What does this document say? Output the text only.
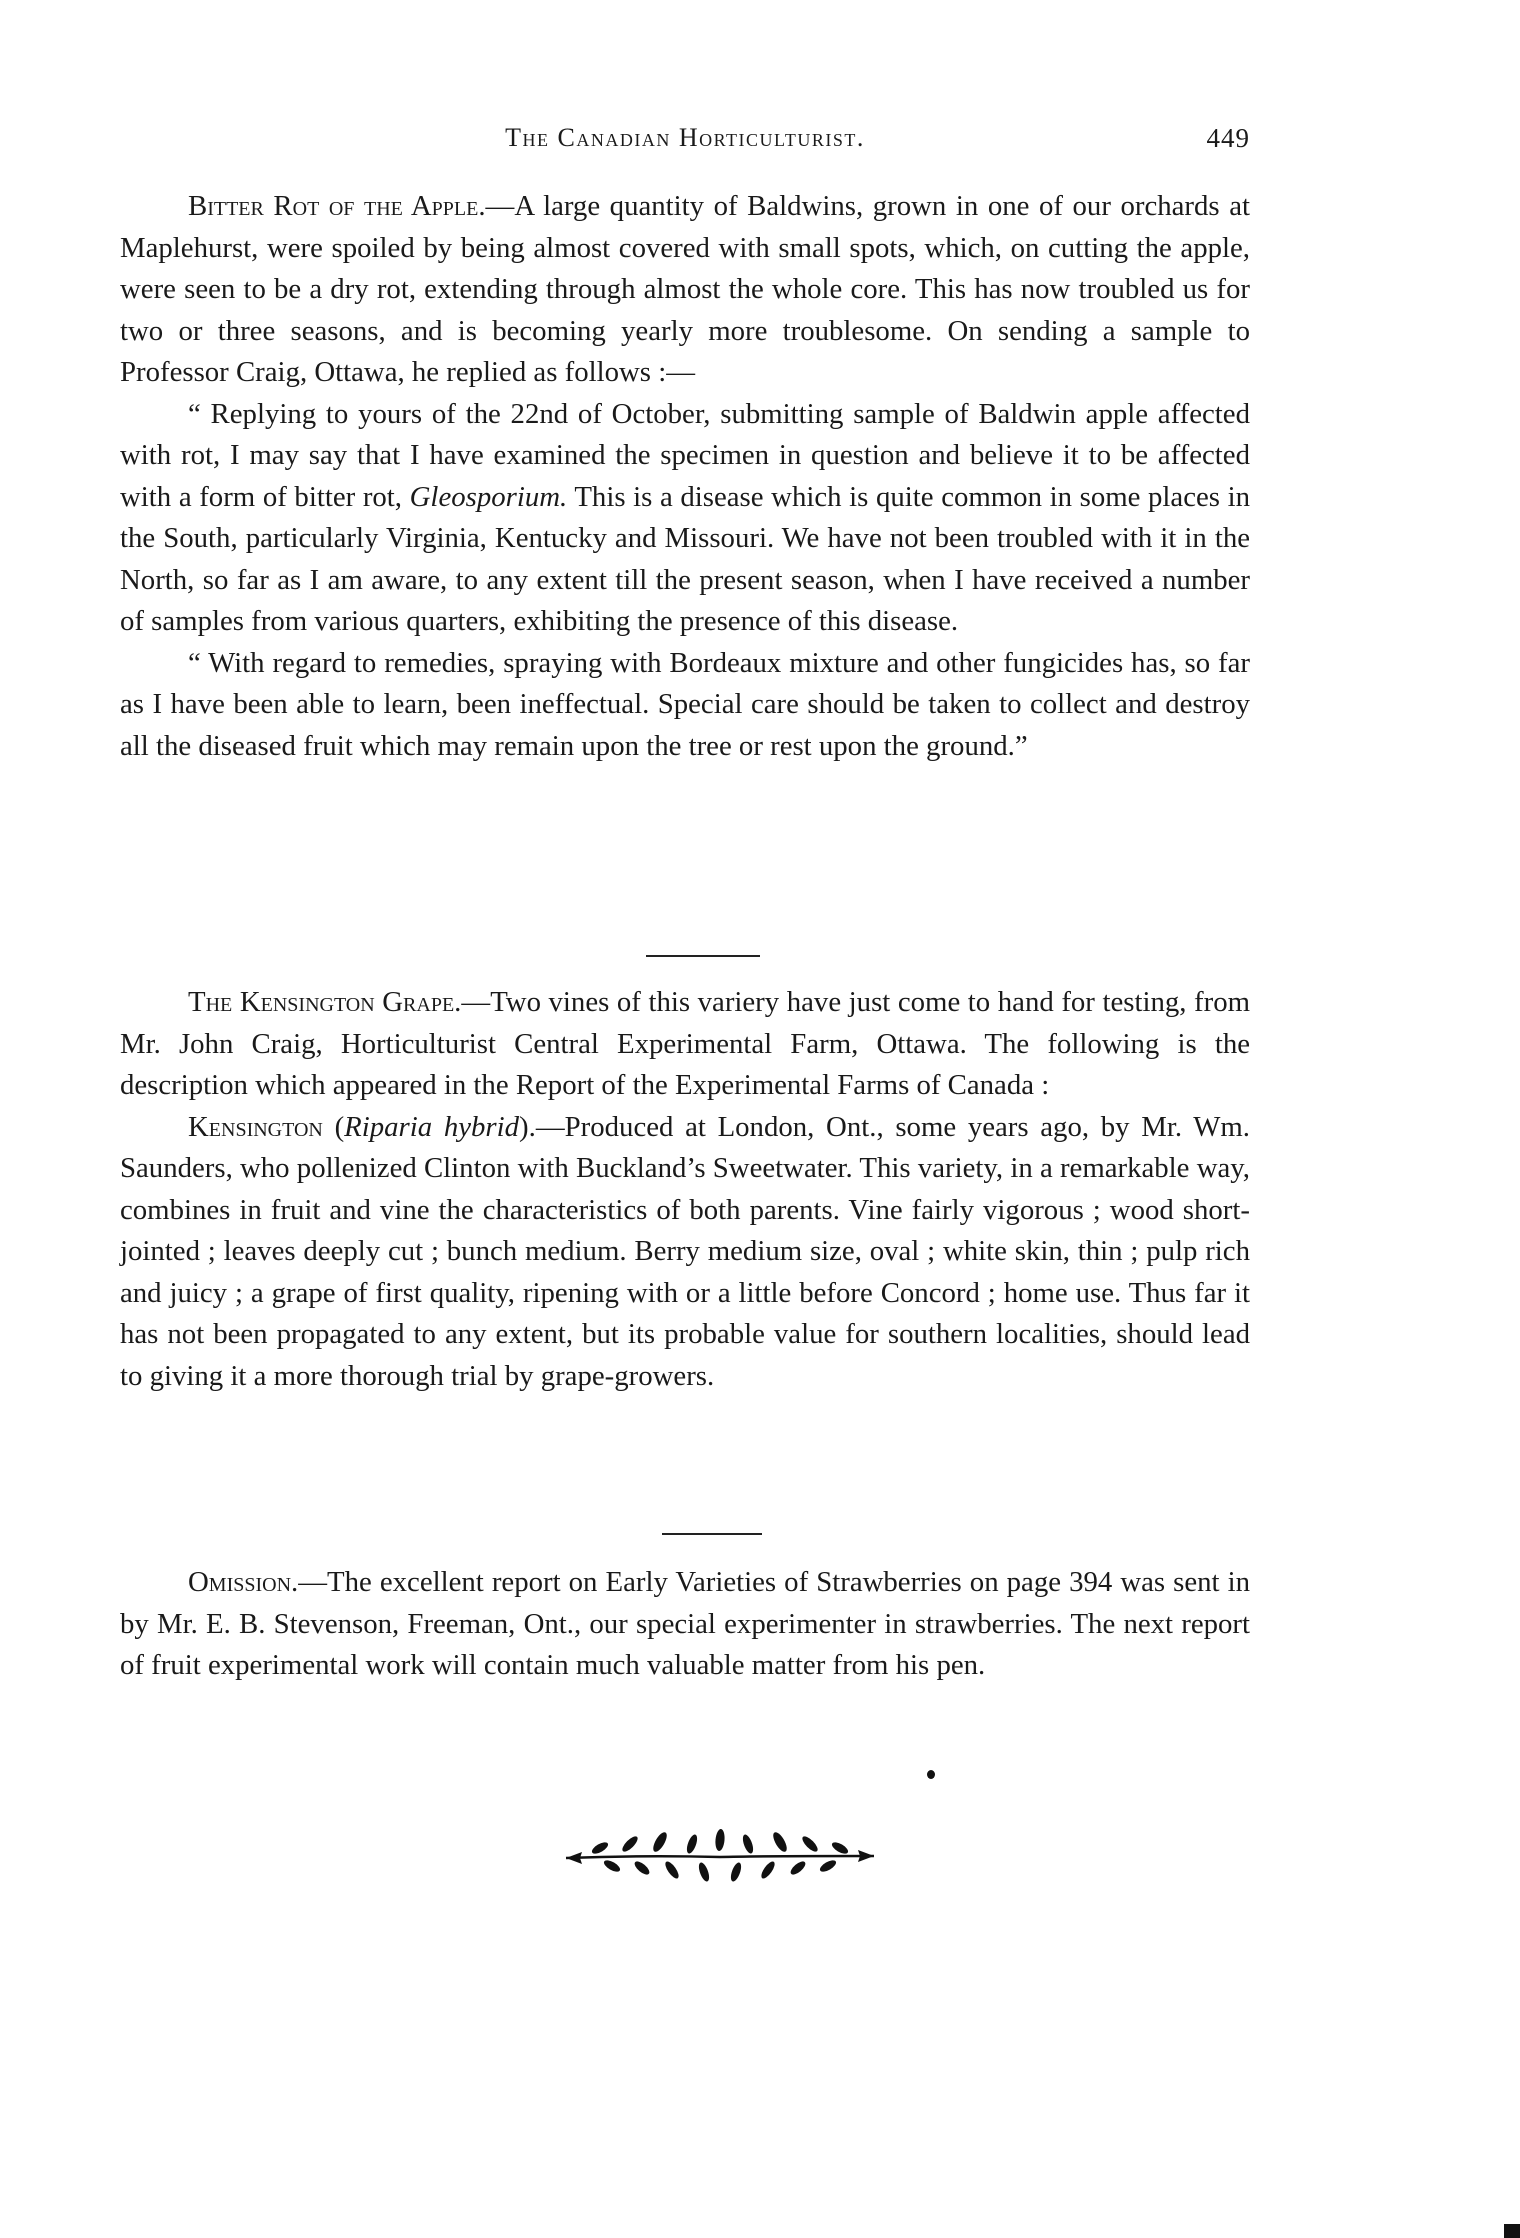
The Canadian Horticulturist.	449

Bitter Rot of the Apple.—A large quantity of Baldwins, grown in one of our orchards at Maplehurst, were spoiled by being almost covered with small spots, which, on cutting the apple, were seen to be a dry rot, extending through almost the whole core. This has now troubled us for two or three seasons, and is becoming yearly more troublesome. On sending a sample to Professor Craig, Ottawa, he replied as follows :—

“ Replying to yours of the 22nd of October, submitting sample of Baldwin apple affected with rot, I may say that I have examined the specimen in question and believe it to be affected with a form of bitter rot, Gleosporium. This is a disease which is quite common in some places in the South, particularly Virginia, Kentucky and Missouri. We have not been troubled with it in the North, so far as I am aware, to any extent till the present season, when I have received a number of samples from various quarters, exhibiting the presence of this disease.

“ With regard to remedies, spraying with Bordeaux mixture and other fungicides has, so far as I have been able to learn, been ineffectual. Special care should be taken to collect and destroy all the diseased fruit which may remain upon the tree or rest upon the ground.”

The Kensington Grape.—Two vines of this variery have just come to hand for testing, from Mr. John Craig, Horticulturist Central Experimental Farm, Ottawa. The following is the description which appeared in the Report of the Experimental Farms of Canada :

Kensington (Riparia hybrid).—Produced at London, Ont., some years ago, by Mr. Wm. Saunders, who pollenized Clinton with Buckland’s Sweetwater. This variety, in a remarkable way, combines in fruit and vine the characteristics of both parents. Vine fairly vigorous ; wood short-jointed ; leaves deeply cut ; bunch medium. Berry medium size, oval ; white skin, thin ; pulp rich and juicy ; a grape of first quality, ripening with or a little before Concord ; home use. Thus far it has not been propagated to any extent, but its probable value for southern localities, should lead to giving it a more thorough trial by grape-growers.

Omission.—The excellent report on Early Varieties of Strawberries on page 394 was sent in by Mr. E. B. Stevenson, Freeman, Ont., our special experimenter in strawberries. The next report of fruit experimental work will contain much valuable matter from his pen.
